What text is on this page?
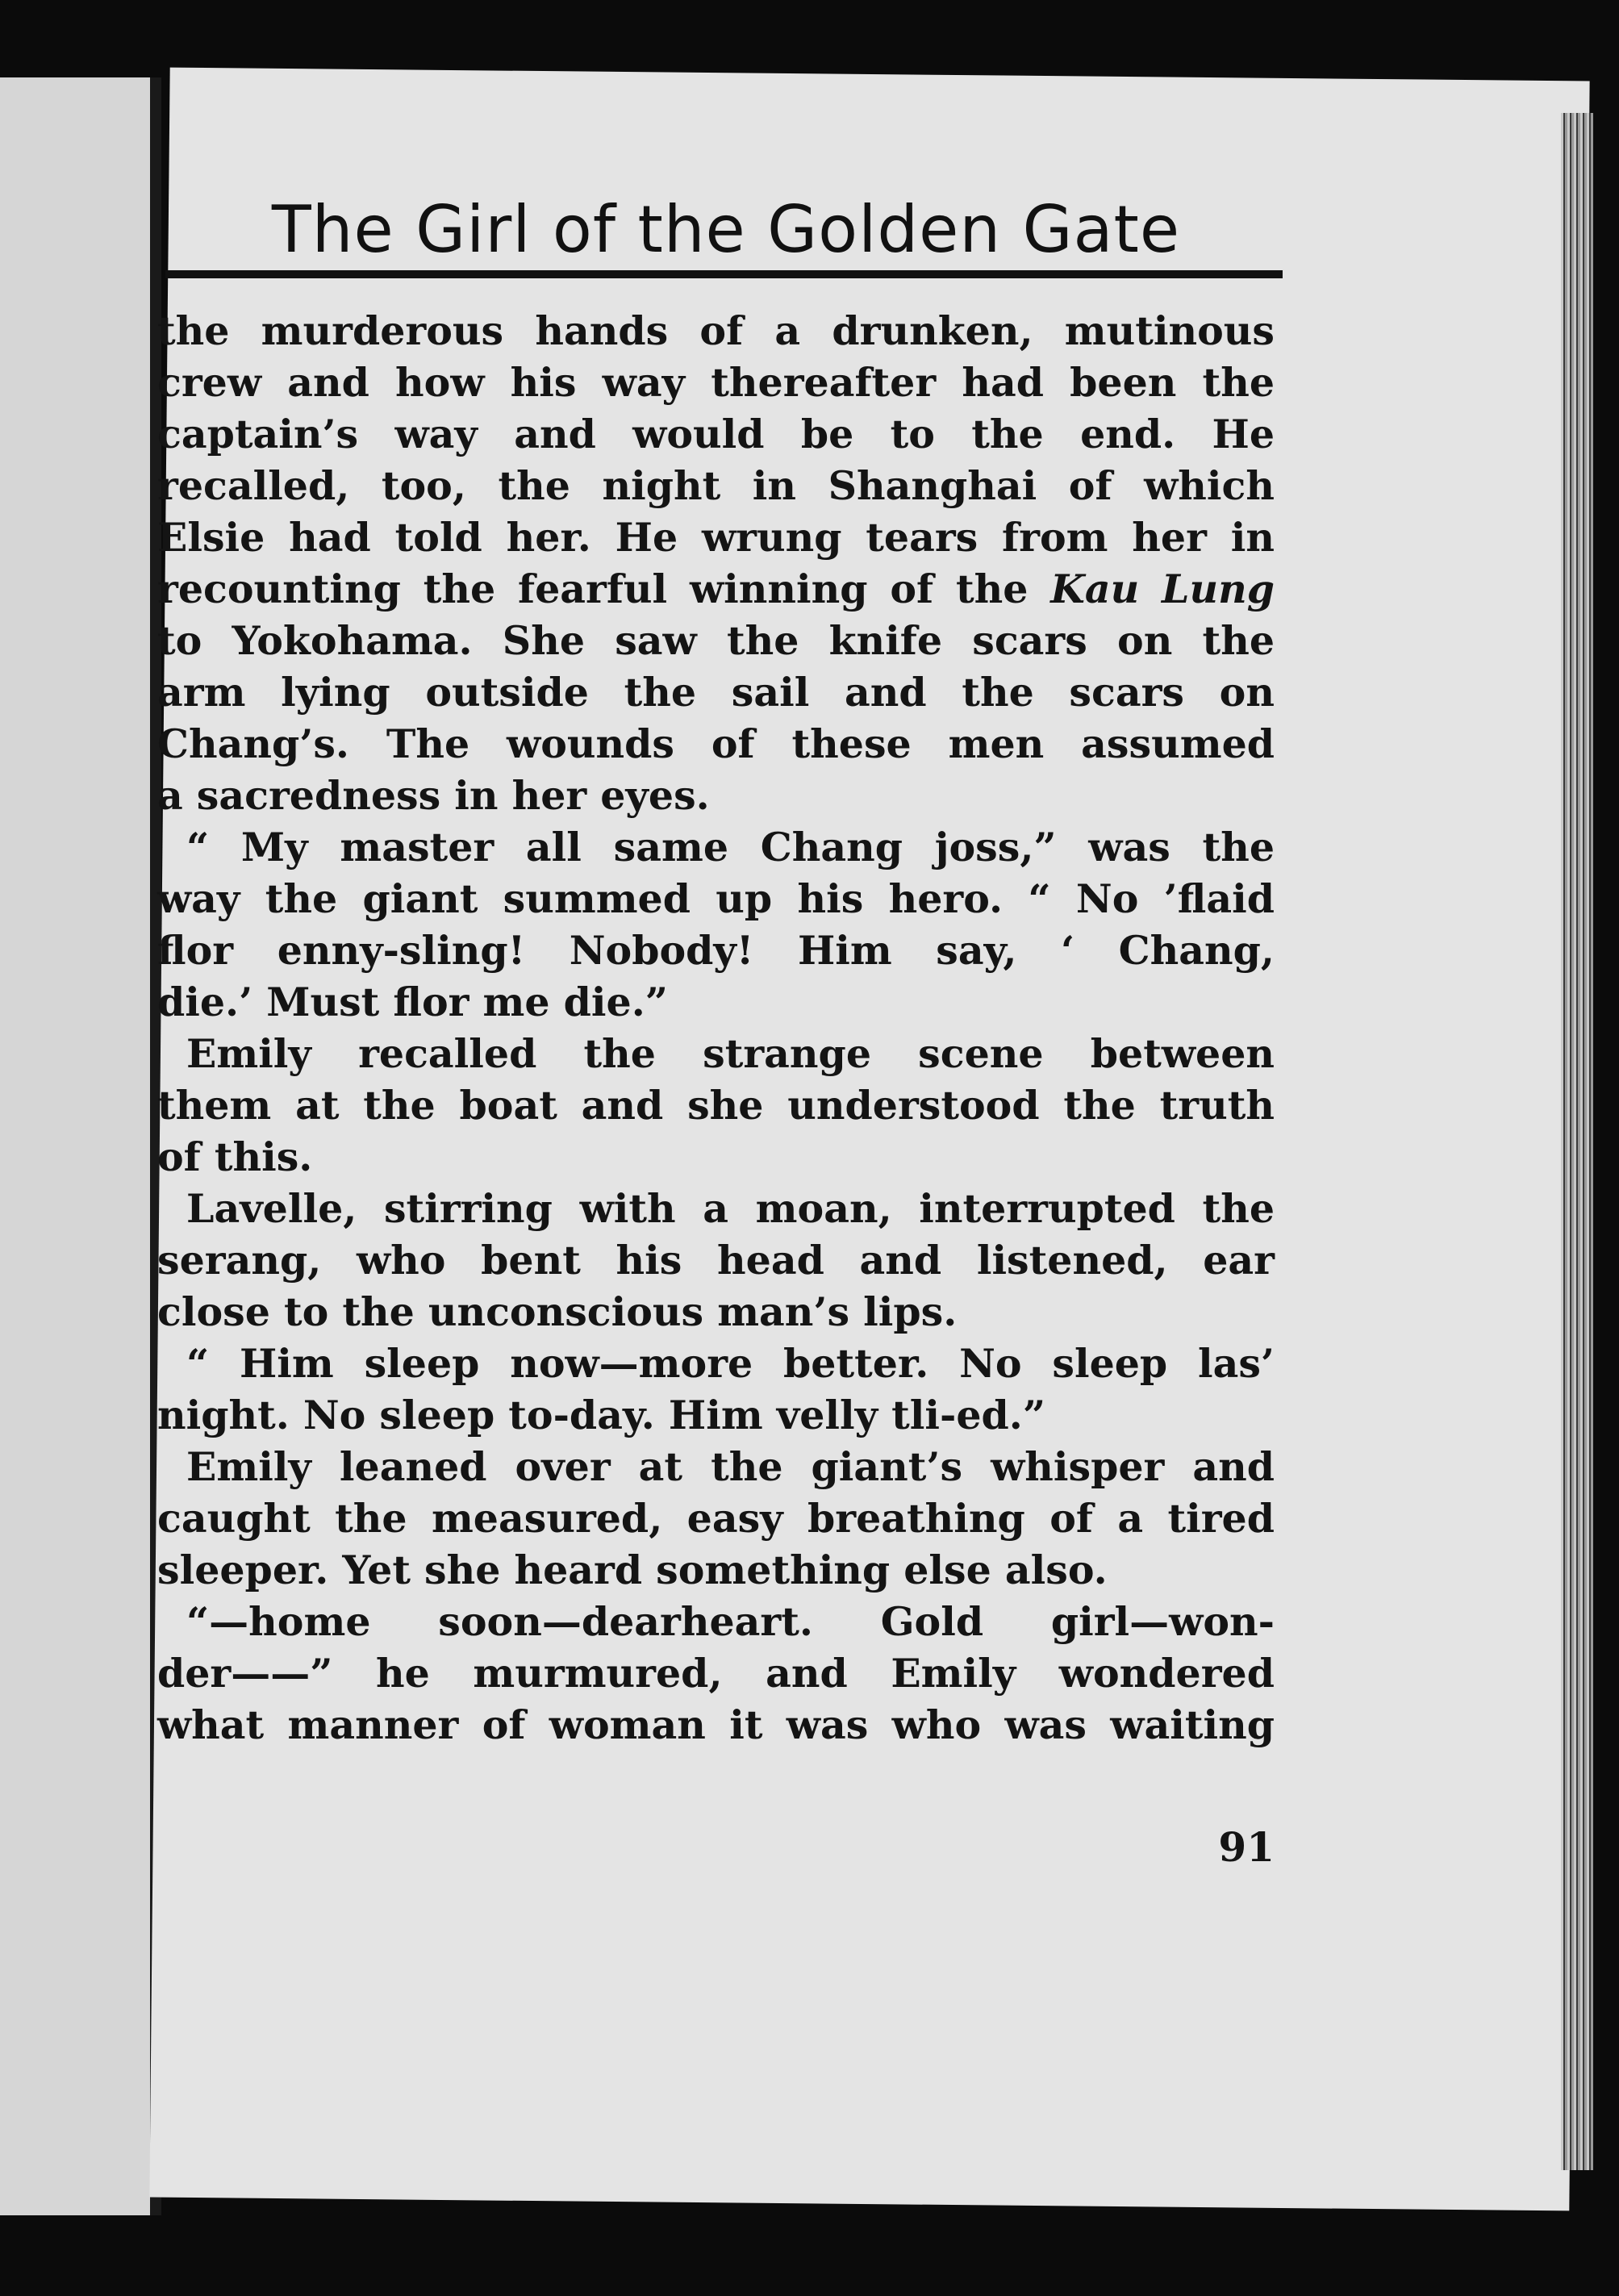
The Girl of the Golden Gate
the murderous hands of a drunken, mutinous
crew and how his way thereafter had been the
captain’s way and would be to the end. He
recalled, too, the night in Shanghai of which
Elsie had told her. He wrung tears from her in
recounting the fearful winning of the Kau Lung
to Yokohama. She saw the knife scars on the
arm lying outside the sail and the scars on
Chang’s. The wounds of these men assumed
a sacredness in her eyes.
“ My master all same Chang joss,” was the
way the giant summed up his hero. “ No ’flaid
flor enny-sling! Nobody! Him say, ‘ Chang,
die.’ Must flor me die.”
Emily recalled the strange scene between
them at the boat and she understood the truth
of this.
Lavelle, stirring with a moan, interrupted the
serang, who bent his head and listened, ear
close to the unconscious man’s lips.
“ Him sleep now—more better. No sleep las’
night. No sleep to-day. Him velly tli-ed.”
Emily leaned over at the giant’s whisper and
caught the measured, easy breathing of a tired
sleeper. Yet she heard something else also.
“—home soon—dearheart. Gold girl—won-
der——” he murmured, and Emily wondered
what manner of woman it was who was waiting
91
